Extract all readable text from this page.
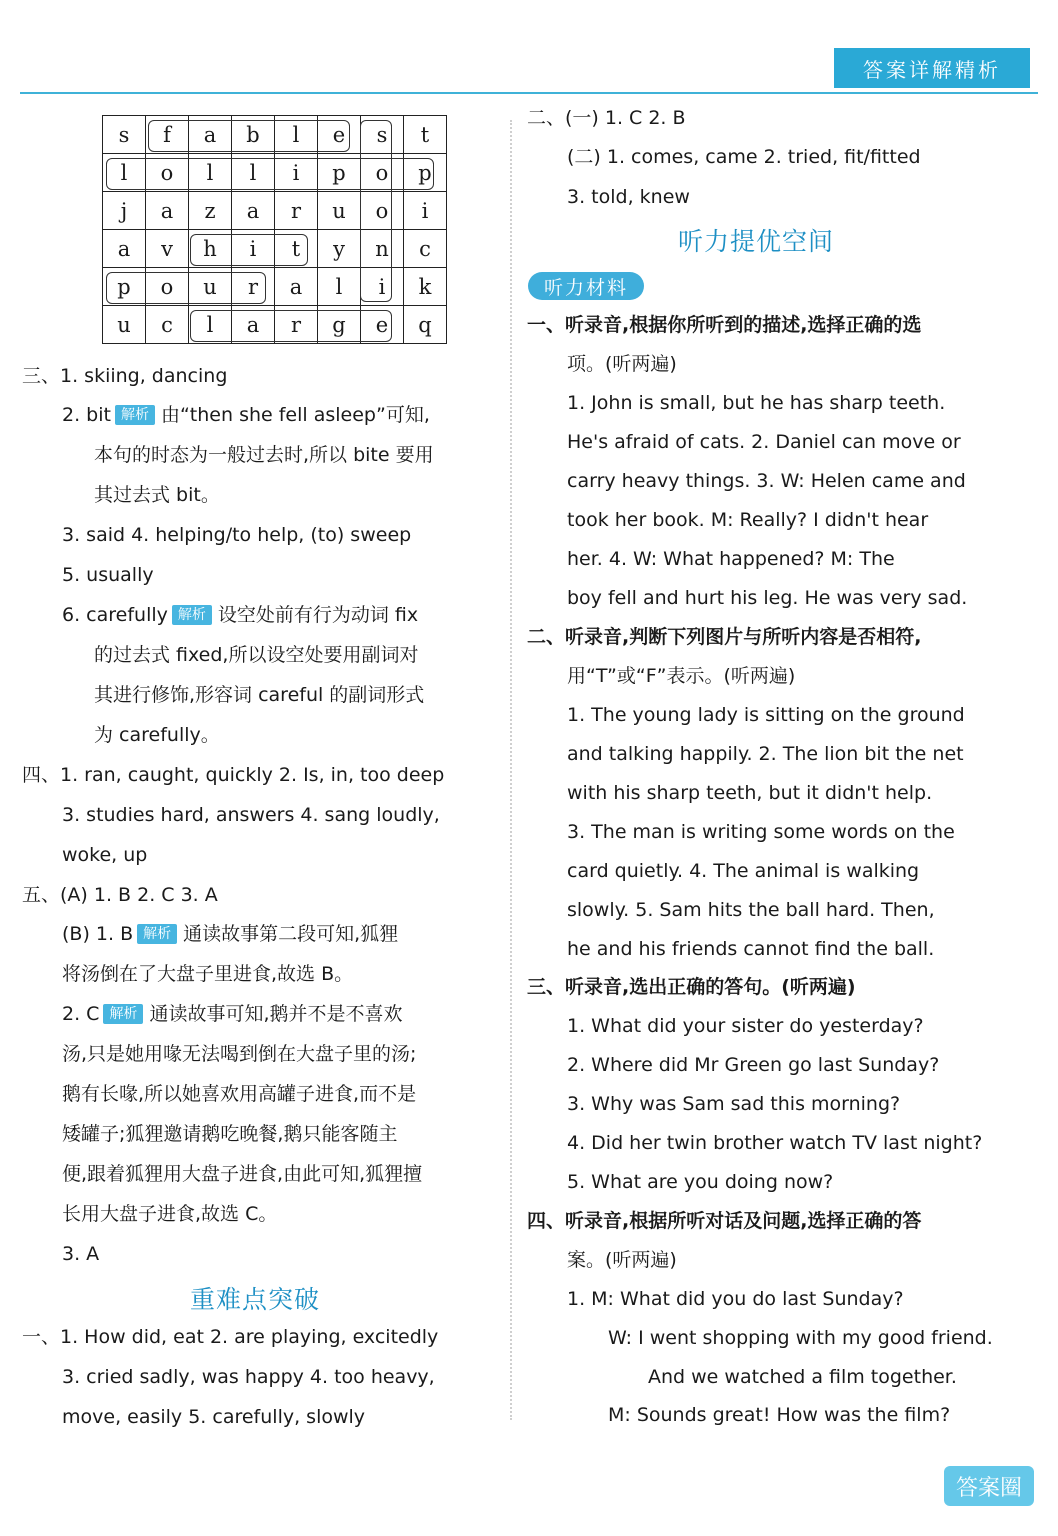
答案详解精析
s	f	a	b	l	e	s	t
l	o	l	l	i	p	o	p
j	a	z	a	r	u	o	i
a	v	h	i	t	y	n	c
p	o	u	r	a	l	i	k
u	c	l	a	r	g	e	q
三、1. skiing, dancing
2. bit 解析 由“then she fell asleep”可知,
本句的时态为一般过去时,所以 bite 要用
其过去式 bit。
3. said 4. helping/to help, (to) sweep
5. usually
6. carefully 解析 设空处前有行为动词 fix
的过去式 fixed,所以设空处要用副词对
其进行修饰,形容词 careful 的副词形式
为 carefully。
四、1. ran, caught, quickly 2. Is, in, too deep
3. studies hard, answers 4. sang loudly,
woke, up
五、(A) 1. B 2. C 3. A
(B) 1. B 解析 通读故事第二段可知,狐狸
将汤倒在了大盘子里进食,故选 B。
2. C 解析 通读故事可知,鹅并不是不喜欢
汤,只是她用喙无法喝到倒在大盘子里的汤;
鹅有长喙,所以她喜欢用高罐子进食,而不是
矮罐子;狐狸邀请鹅吃晚餐,鹅只能客随主
便,跟着狐狸用大盘子进食,由此可知,狐狸擅
长用大盘子进食,故选 C。
3. A
重难点突破
一、1. How did, eat 2. are playing, excitedly
3. cried sadly, was happy 4. too heavy,
move, easily 5. carefully, slowly
二、(一) 1. C 2. B
(二) 1. comes, came 2. tried, fit/fitted
3. told, knew
听力提优空间
听力材料
一、听录音,根据你所听到的描述,选择正确的选
项。(听两遍)
1. John is small, but he has sharp teeth.
He's afraid of cats. 2. Daniel can move or
carry heavy things. 3. W: Helen came and
took her book. M: Really? I didn't hear
her. 4. W: What happened? M: The
boy fell and hurt his leg. He was very sad.
二、听录音,判断下列图片与所听内容是否相符,
用“T”或“F”表示。(听两遍)
1. The young lady is sitting on the ground
and talking happily. 2. The lion bit the net
with his sharp teeth, but it didn't help.
3. The man is writing some words on the
card quietly. 4. The animal is walking
slowly. 5. Sam hits the ball hard. Then,
he and his friends cannot find the ball.
三、听录音,选出正确的答句。(听两遍)
1. What did your sister do yesterday?
2. Where did Mr Green go last Sunday?
3. Why was Sam sad this morning?
4. Did her twin brother watch TV last night?
5. What are you doing now?
四、听录音,根据所听对话及问题,选择正确的答
案。(听两遍)
1. M: What did you do last Sunday?
W: I went shopping with my good friend.
And we watched a film together.
M: Sounds great! How was the film?
答案圈
